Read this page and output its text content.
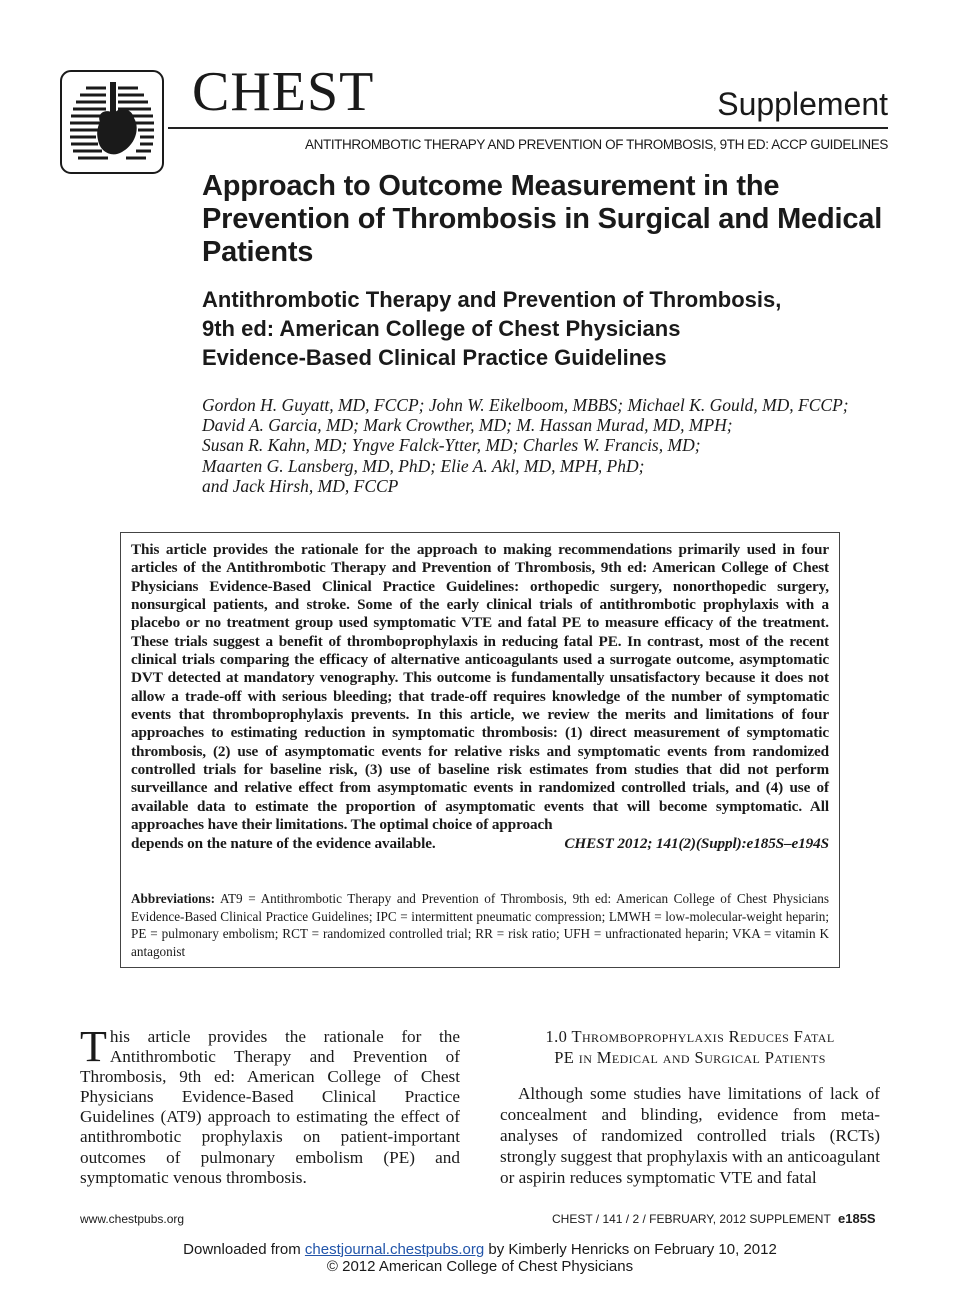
CHEST	Supplement
ANTITHROMBOTIC THERAPY AND PREVENTION OF THROMBOSIS, 9TH ED: ACCP GUIDELINES
Approach to Outcome Measurement in the Prevention of Thrombosis in Surgical and Medical Patients
Antithrombotic Therapy and Prevention of Thrombosis,
9th ed: American College of Chest Physicians
Evidence-Based Clinical Practice Guidelines
Gordon H. Guyatt, MD, FCCP; John W. Eikelboom, MBBS; Michael K. Gould, MD, FCCP;
David A. Garcia, MD; Mark Crowther, MD; M. Hassan Murad, MD, MPH;
Susan R. Kahn, MD; Yngve Falck-Ytter, MD; Charles W. Francis, MD;
Maarten G. Lansberg, MD, PhD; Elie A. Akl, MD, MPH, PhD;
and Jack Hirsh, MD, FCCP
This article provides the rationale for the approach to making recommendations primarily used in four articles of the Antithrombotic Therapy and Prevention of Thrombosis, 9th ed: American College of Chest Physicians Evidence-Based Clinical Practice Guidelines: orthopedic surgery, nonorthopedic surgery, nonsurgical patients, and stroke. Some of the early clinical trials of antithrombotic prophylaxis with a placebo or no treatment group used symptomatic VTE and fatal PE to measure efficacy of the treatment. These trials suggest a benefit of thromboprophylaxis in reducing fatal PE. In contrast, most of the recent clinical trials comparing the efficacy of alternative anticoagulants used a surrogate outcome, asymptomatic DVT detected at mandatory venography. This outcome is fundamentally unsatisfactory because it does not allow a trade-off with serious bleeding; that trade-off requires knowledge of the number of symptomatic events that thromboprophylaxis prevents. In this article, we review the merits and limitations of four approaches to estimating reduction in symptomatic thrombosis: (1) direct measurement of symptomatic thrombosis, (2) use of asymptomatic events for relative risks and symptomatic events from randomized controlled trials for baseline risk, (3) use of baseline risk estimates from studies that did not perform surveillance and relative effect from asymptomatic events in randomized controlled trials, and (4) use of available data to estimate the proportion of asymptomatic events that will become symptomatic. All approaches have their limitations. The optimal choice of approach
depends on the nature of the evidence available.	CHEST 2012; 141(2)(Suppl):e185S–e194S
Abbreviations: AT9 = Antithrombotic Therapy and Prevention of Thrombosis, 9th ed: American College of Chest Physicians Evidence-Based Clinical Practice Guidelines; IPC = intermittent pneumatic compression; LMWH = low-molecular-weight heparin; PE = pulmonary embolism; RCT = randomized controlled trial; RR = risk ratio; UFH = unfractionated heparin; VKA = vitamin K antagonist
T his article provides the rationale for the Antithrombotic Therapy and Prevention of Thrombosis, 9th ed: American College of Chest Physicians Evidence-Based Clinical Practice Guidelines (AT9) approach to estimating the effect of antithrombotic prophylaxis on patient-important outcomes of pulmonary embolism (PE) and symptomatic venous thrombosis.
1.0 Thromboprophylaxis Reduces Fatal
PE in Medical and Surgical Patients
Although some studies have limitations of lack of concealment and blinding, evidence from meta-analyses of randomized controlled trials (RCTs) strongly suggest that prophylaxis with an anticoagulant or aspirin reduces symptomatic VTE and fatal
www.chestpubs.org	CHEST / 141 / 2 / FEBRUARY, 2012 SUPPLEMENT e185S
Downloaded from chestjournal.chestpubs.org by Kimberly Henricks on February 10, 2012
© 2012 American College of Chest Physicians
